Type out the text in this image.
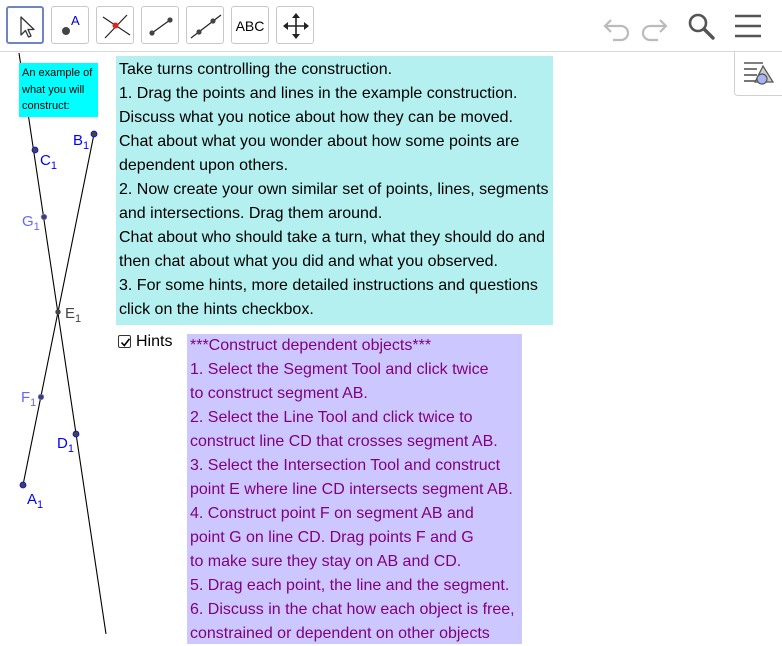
A	ABC
$A_1$
$B_1$
$C_1$
$D_1$
$E_1$
$F_1$
$G_1$
An example of
what you will
construct:
Take turns controlling the construction.
1. Drag the points and lines in the example construction.
Discuss what you notice about how they can be moved.
Chat about what you wonder about how some points are
dependent upon others.
2. Now create your own similar set of points, lines, segments
and intersections. Drag them around.
Chat about who should take a turn, what they should do and
then chat about what you did and what you observed.
3. For some hints, more detailed instructions and questions
click on the hints checkbox.
Hints ***Construct dependent objects***
1. Select the Segment Tool and click twice
to construct segment AB.
2. Select the Line Tool and click twice to
construct line CD that crosses segment AB.
3. Select the Intersection Tool and construct
point E where line CD intersects segment AB.
4. Construct point F on segment AB and
point G on line CD. Drag points F and G
to make sure they stay on AB and CD.
5. Drag each point, the line and the segment.
6. Discuss in the chat how each object is free,
constrained or dependent on other objects
